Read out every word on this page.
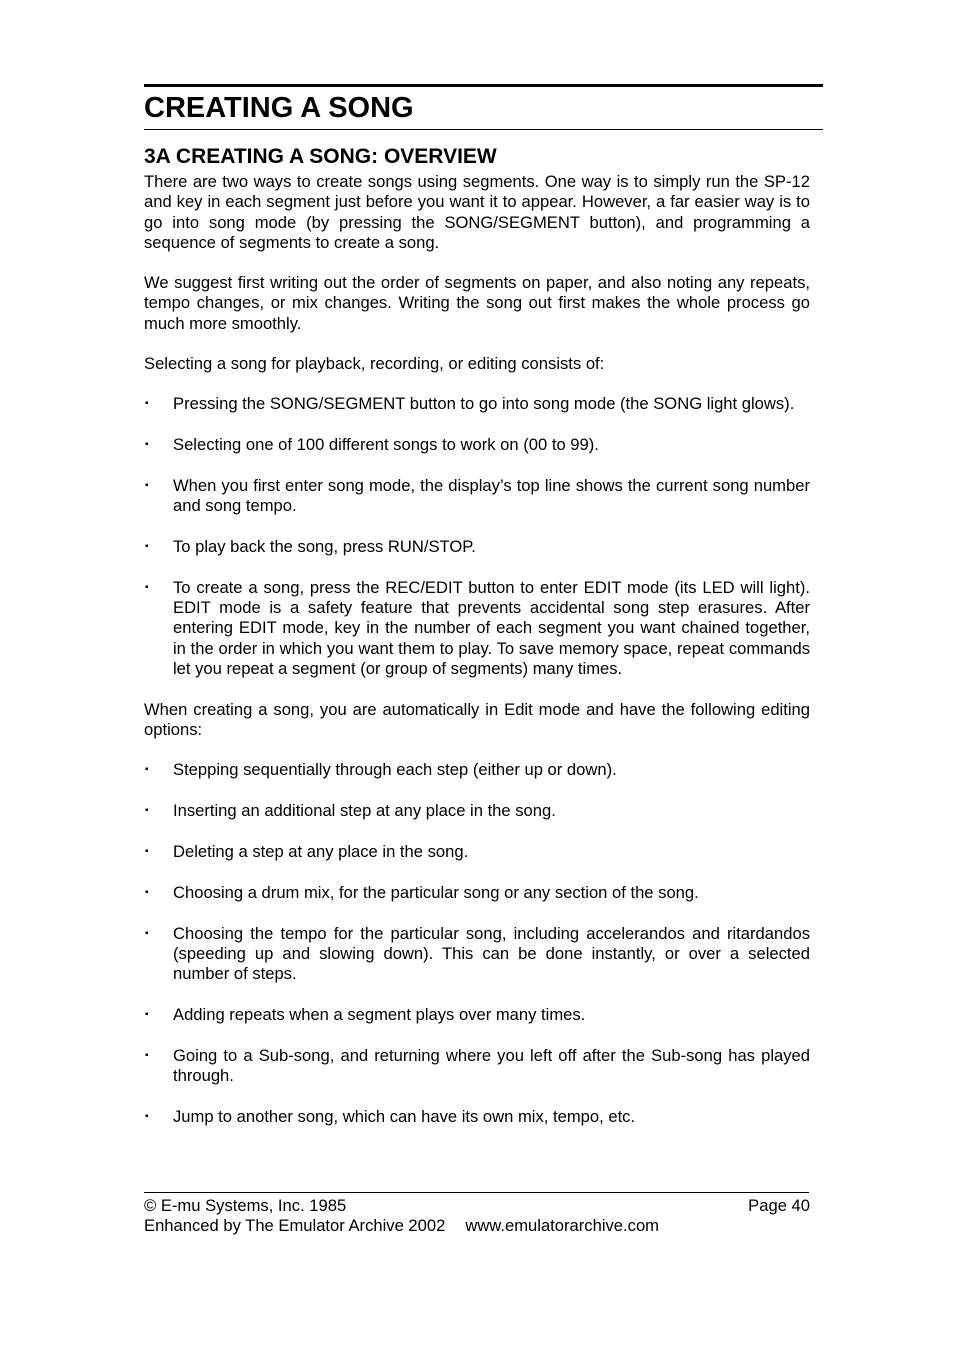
CREATING A SONG
3A CREATING A SONG: OVERVIEW

There are two ways to create songs using segments. One way is to simply run the SP-12 and key in each segment just before you want it to appear. However, a far easier way is to go into song mode (by pressing the SONG/SEGMENT button), and programming a sequence of segments to create a song.

We suggest first writing out the order of segments on paper, and also noting any repeats, tempo changes, or mix changes. Writing the song out first makes the whole process go much more smoothly.

Selecting a song for playback, recording, or editing consists of:

▪ Pressing the SONG/SEGMENT button to go into song mode (the SONG light glows).
▪ Selecting one of 100 different songs to work on (00 to 99).
▪ When you first enter song mode, the display’s top line shows the current song number and song tempo.
▪ To play back the song, press RUN/STOP.
▪ To create a song, press the REC/EDIT button to enter EDIT mode (its LED will light). EDIT mode is a safety feature that prevents accidental song step erasures. After entering EDIT mode, key in the number of each segment you want chained together, in the order in which you want them to play. To save memory space, repeat commands let you repeat a segment (or group of segments) many times.

When creating a song, you are automatically in Edit mode and have the following editing options:

▪ Stepping sequentially through each step (either up or down).
▪ Inserting an additional step at any place in the song.
▪ Deleting a step at any place in the song.
▪ Choosing a drum mix, for the particular song or any section of the song.
▪ Choosing the tempo for the particular song, including accelerandos and ritardandos (speeding up and slowing down). This can be done instantly, or over a selected number of steps.
▪ Adding repeats when a segment plays over many times.
▪ Going to a Sub-song, and returning where you left off after the Sub-song has played through.
▪ Jump to another song, which can have its own mix, tempo, etc.
© E-mu Systems, Inc. 1985	Page 40
Enhanced by The Emulator Archive 2002 www.emulatorarchive.com
